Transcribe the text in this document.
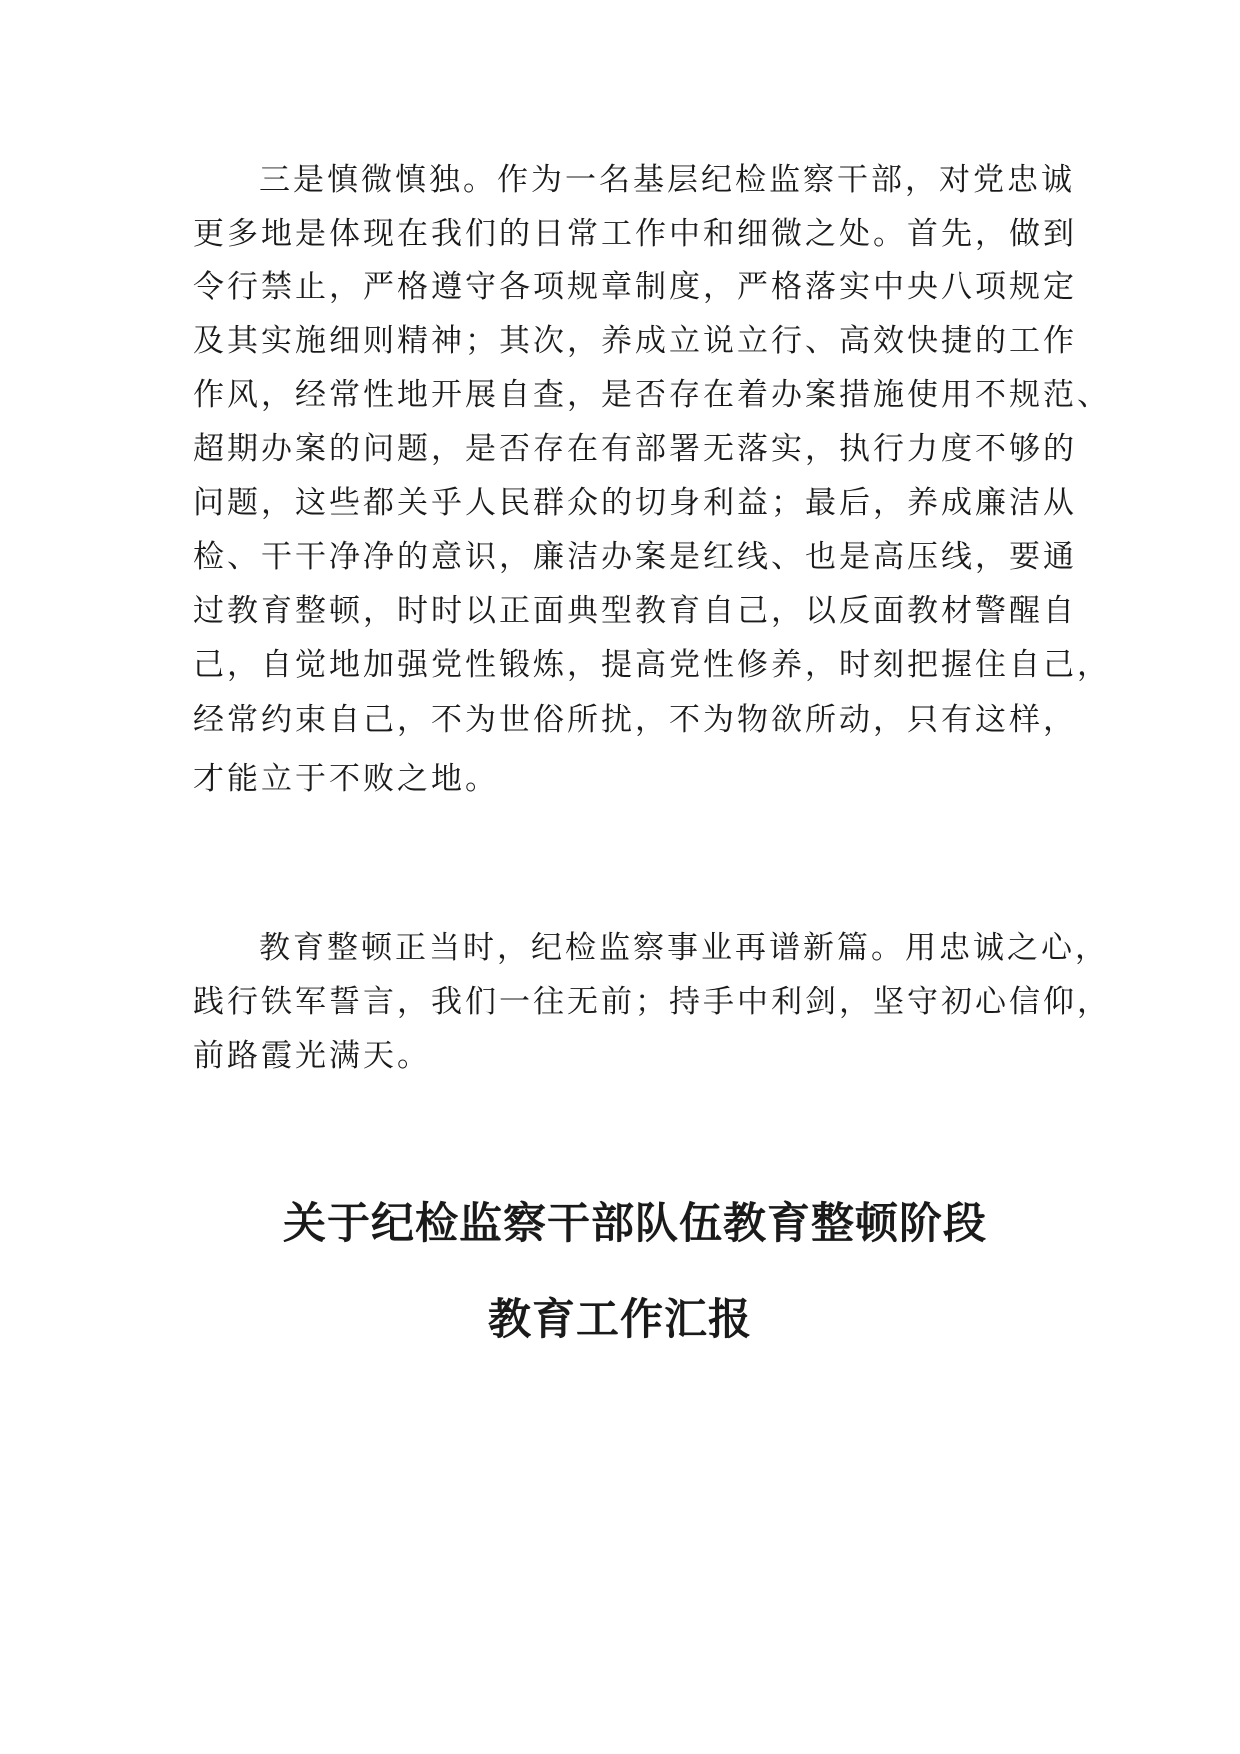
三是慎微慎独。作为一名基层纪检监察干部，对党忠诚
更多地是体现在我们的日常工作中和细微之处。首先，做到
令行禁止，严格遵守各项规章制度，严格落实中央八项规定
及其实施细则精神；其次，养成立说立行、高效快捷的工作
作风，经常性地开展自查，是否存在着办案措施使用不规范、
超期办案的问题，是否存在有部署无落实，执行力度不够的
问题，这些都关乎人民群众的切身利益；最后，养成廉洁从
检、干干净净的意识，廉洁办案是红线、也是高压线，要通
过教育整顿，时时以正面典型教育自己，以反面教材警醒自
己，自觉地加强党性锻炼，提高党性修养，时刻把握住自己，
经常约束自己，不为世俗所扰，不为物欲所动，只有这样，
才能立于不败之地。
教育整顿正当时，纪检监察事业再谱新篇。用忠诚之心，
践行铁军誓言，我们一往无前；持手中利剑，坚守初心信仰，
前路霞光满天。
关于纪检监察干部队伍教育整顿阶段
教育工作汇报
